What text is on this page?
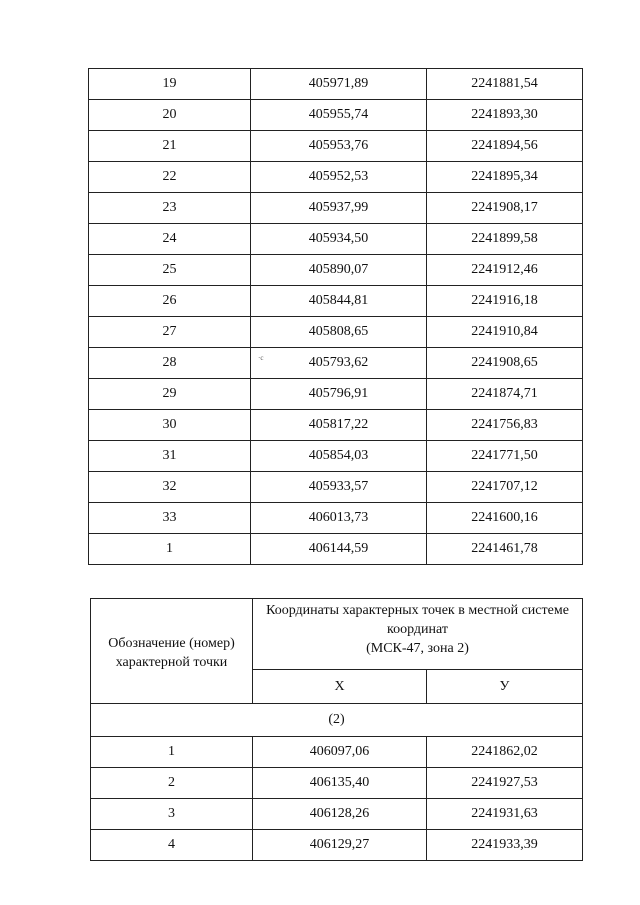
19	405971,89	2241881,54
20	405955,74	2241893,30
21	405953,76	2241894,56
22	405952,53	2241895,34
23	405937,99	2241908,17
24	405934,50	2241899,58
25	405890,07	2241912,46
26	405844,81	2241916,18
27	405808,65	2241910,84
28	405793,62	2241908,65
29	405796,91	2241874,71
30	405817,22	2241756,83
31	405854,03	2241771,50
32	405933,57	2241707,12
33	406013,73	2241600,16
1	406144,59	2241461,78
·c
Обозначение (номер)
характерной точки	Координаты характерных точек в местной системе
координат
(МСК-47, зона 2)	

	X	У
(2)		
1	406097,06	2241862,02
2	406135,40	2241927,53
3	406128,26	2241931,63
4	406129,27	2241933,39
